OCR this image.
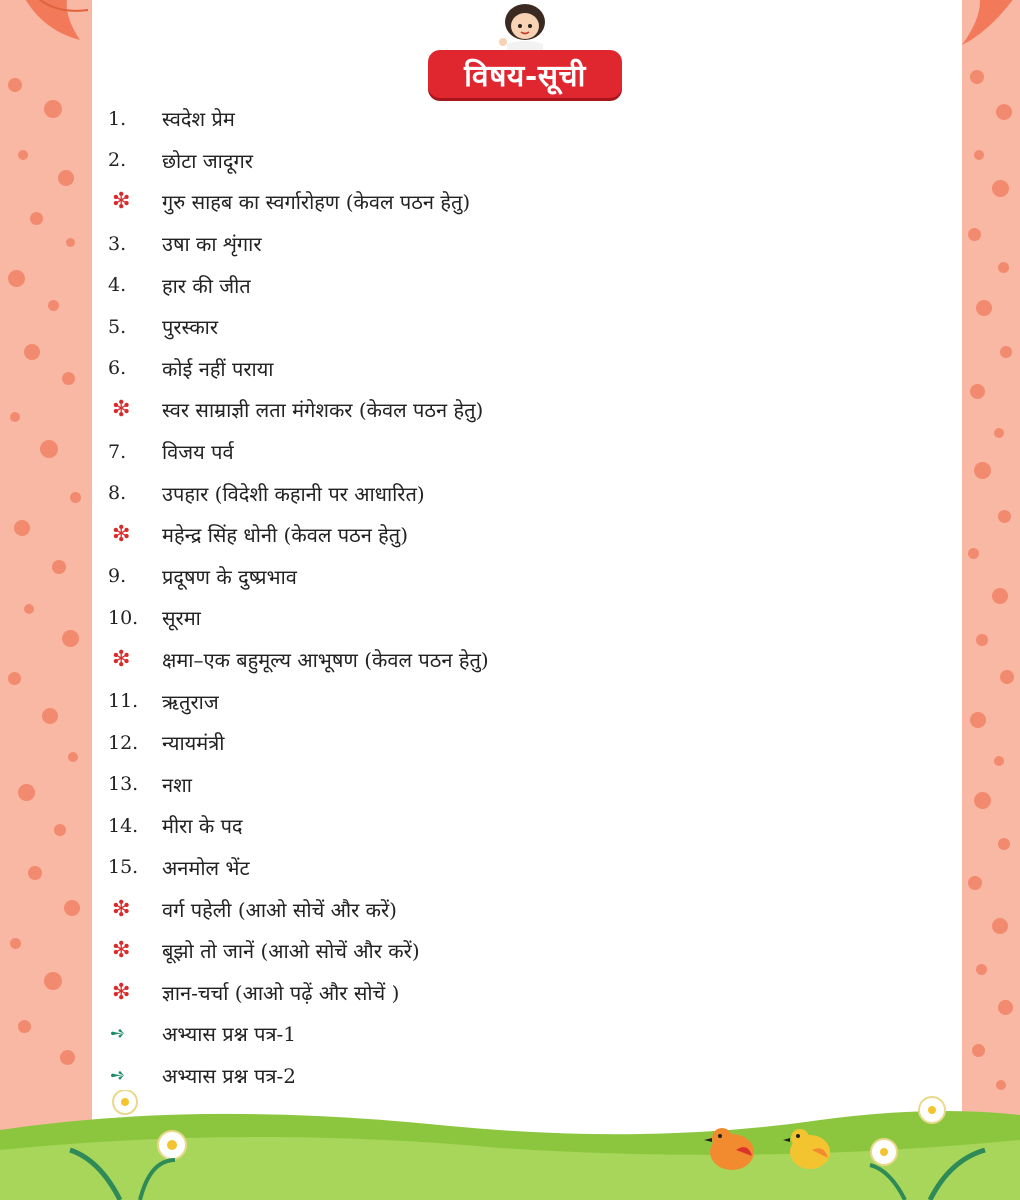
विषय-सूची
1.	स्वदेश प्रेम
2.	छोटा जादूगर
❇	गुरु साहब का स्वर्गारोहण (केवल पठन हेतु)
3.	उषा का शृंगार
4.	हार की जीत
5.	पुरस्कार
6.	कोई नहीं पराया
❇	स्वर साम्राज्ञी लता मंगेशकर (केवल पठन हेतु)
7.	विजय पर्व
8.	उपहार (विदेशी कहानी पर आधारित)
❇	महेन्द्र सिंह धोनी (केवल पठन हेतु)
9.	प्रदूषण के दुष्प्रभाव
10.	सूरमा
❇	क्षमा–एक बहुमूल्य आभूषण (केवल पठन हेतु)
11.	ऋतुराज
12.	न्यायमंत्री
13.	नशा
14.	मीरा के पद
15.	अनमोल भेंट
❇	वर्ग पहेली (आओ सोचें और करें)
❇	बूझो तो जानें (आओ सोचें और करें)
❇	ज्ञान-चर्चा (आओ पढ़ें और सोचें )
➺	अभ्यास प्रश्न पत्र-1
➺	अभ्यास प्रश्न पत्र-2
